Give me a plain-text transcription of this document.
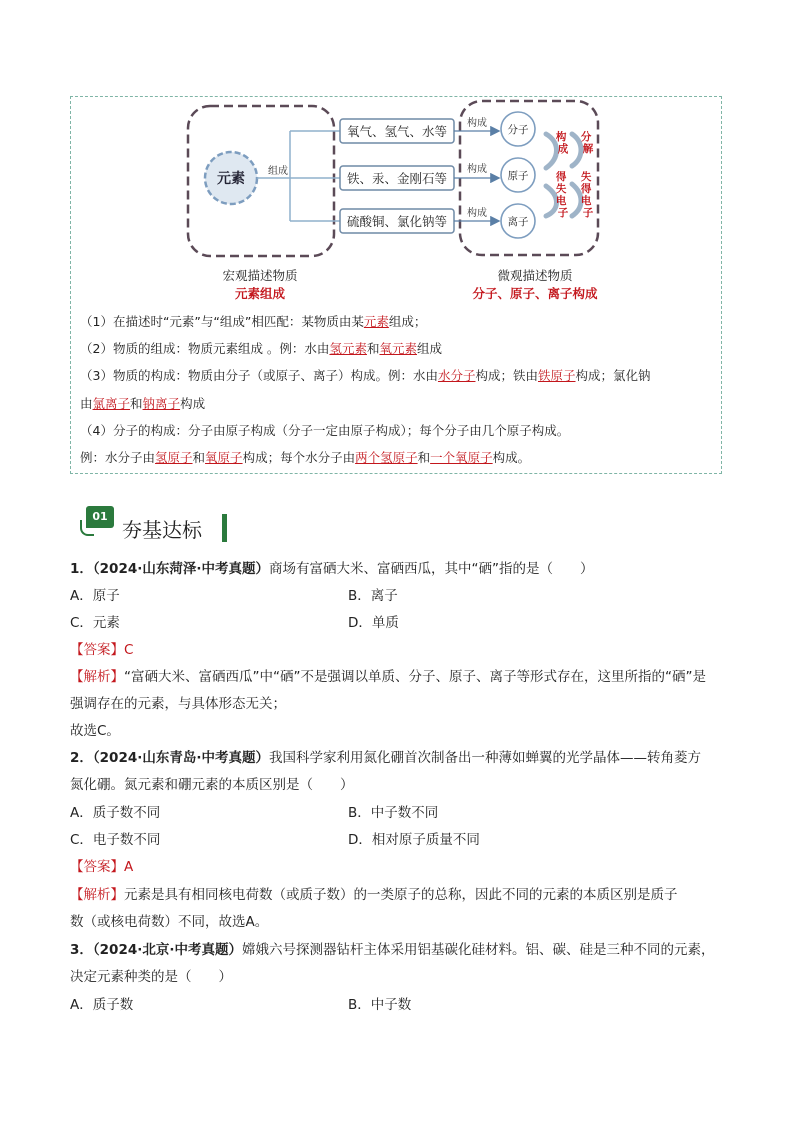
元素 组成
氧气、氢气、水等
铁、汞、金刚石等
硫酸铜、氯化钠等
构成
构成
构成
分子
原子
离子
构 成
分 解
得 失 电 子
失 得 电 子
宏观描述物质
元素组成
微观描述物质
分子、原子、离子构成
（1）在描述时“元素”与“组成”相匹配：某物质由某元素组成；
（2）物质的组成：物质元素组成 。例：水由氢元素和氧元素组成
（3）物质的构成：物质由分子（或原子、离子）构成。例：水由水分子构成；铁由铁原子构成；氯化钠
由氯离子和钠离子构成
（4）分子的构成：分子由原子构成（分子一定由原子构成）；每个分子由几个原子构成。
例：水分子由氢原子和氧原子构成；每个水分子由两个氢原子和一个氧原子构成。
01
夯基达标
1．（2024·山东菏泽·中考真题）商场有富硒大米、富硒西瓜，其中“硒”指的是（　　）
A．原子	B．离子
C．元素	D．单质
【答案】C
【解析】“富硒大米、富硒西瓜”中“硒”不是强调以单质、分子、原子、离子等形式存在，这里所指的“硒”是
强调存在的元素，与具体形态无关；
故选C。
2．（2024·山东青岛·中考真题）我国科学家利用氮化硼首次制备出一种薄如蝉翼的光学晶体——转角菱方
氮化硼。氮元素和硼元素的本质区别是（　　）
A．质子数不同	B．中子数不同
C．电子数不同	D．相对原子质量不同
【答案】A
【解析】元素是具有相同核电荷数（或质子数）的一类原子的总称，因此不同的元素的本质区别是质子
数（或核电荷数）不同，故选A。
3．（2024·北京·中考真题）嫦娥六号探测器钻杆主体采用铝基碳化硅材料。铝、碳、硅是三种不同的元素，
决定元素种类的是（　　）
A．质子数	B．中子数
